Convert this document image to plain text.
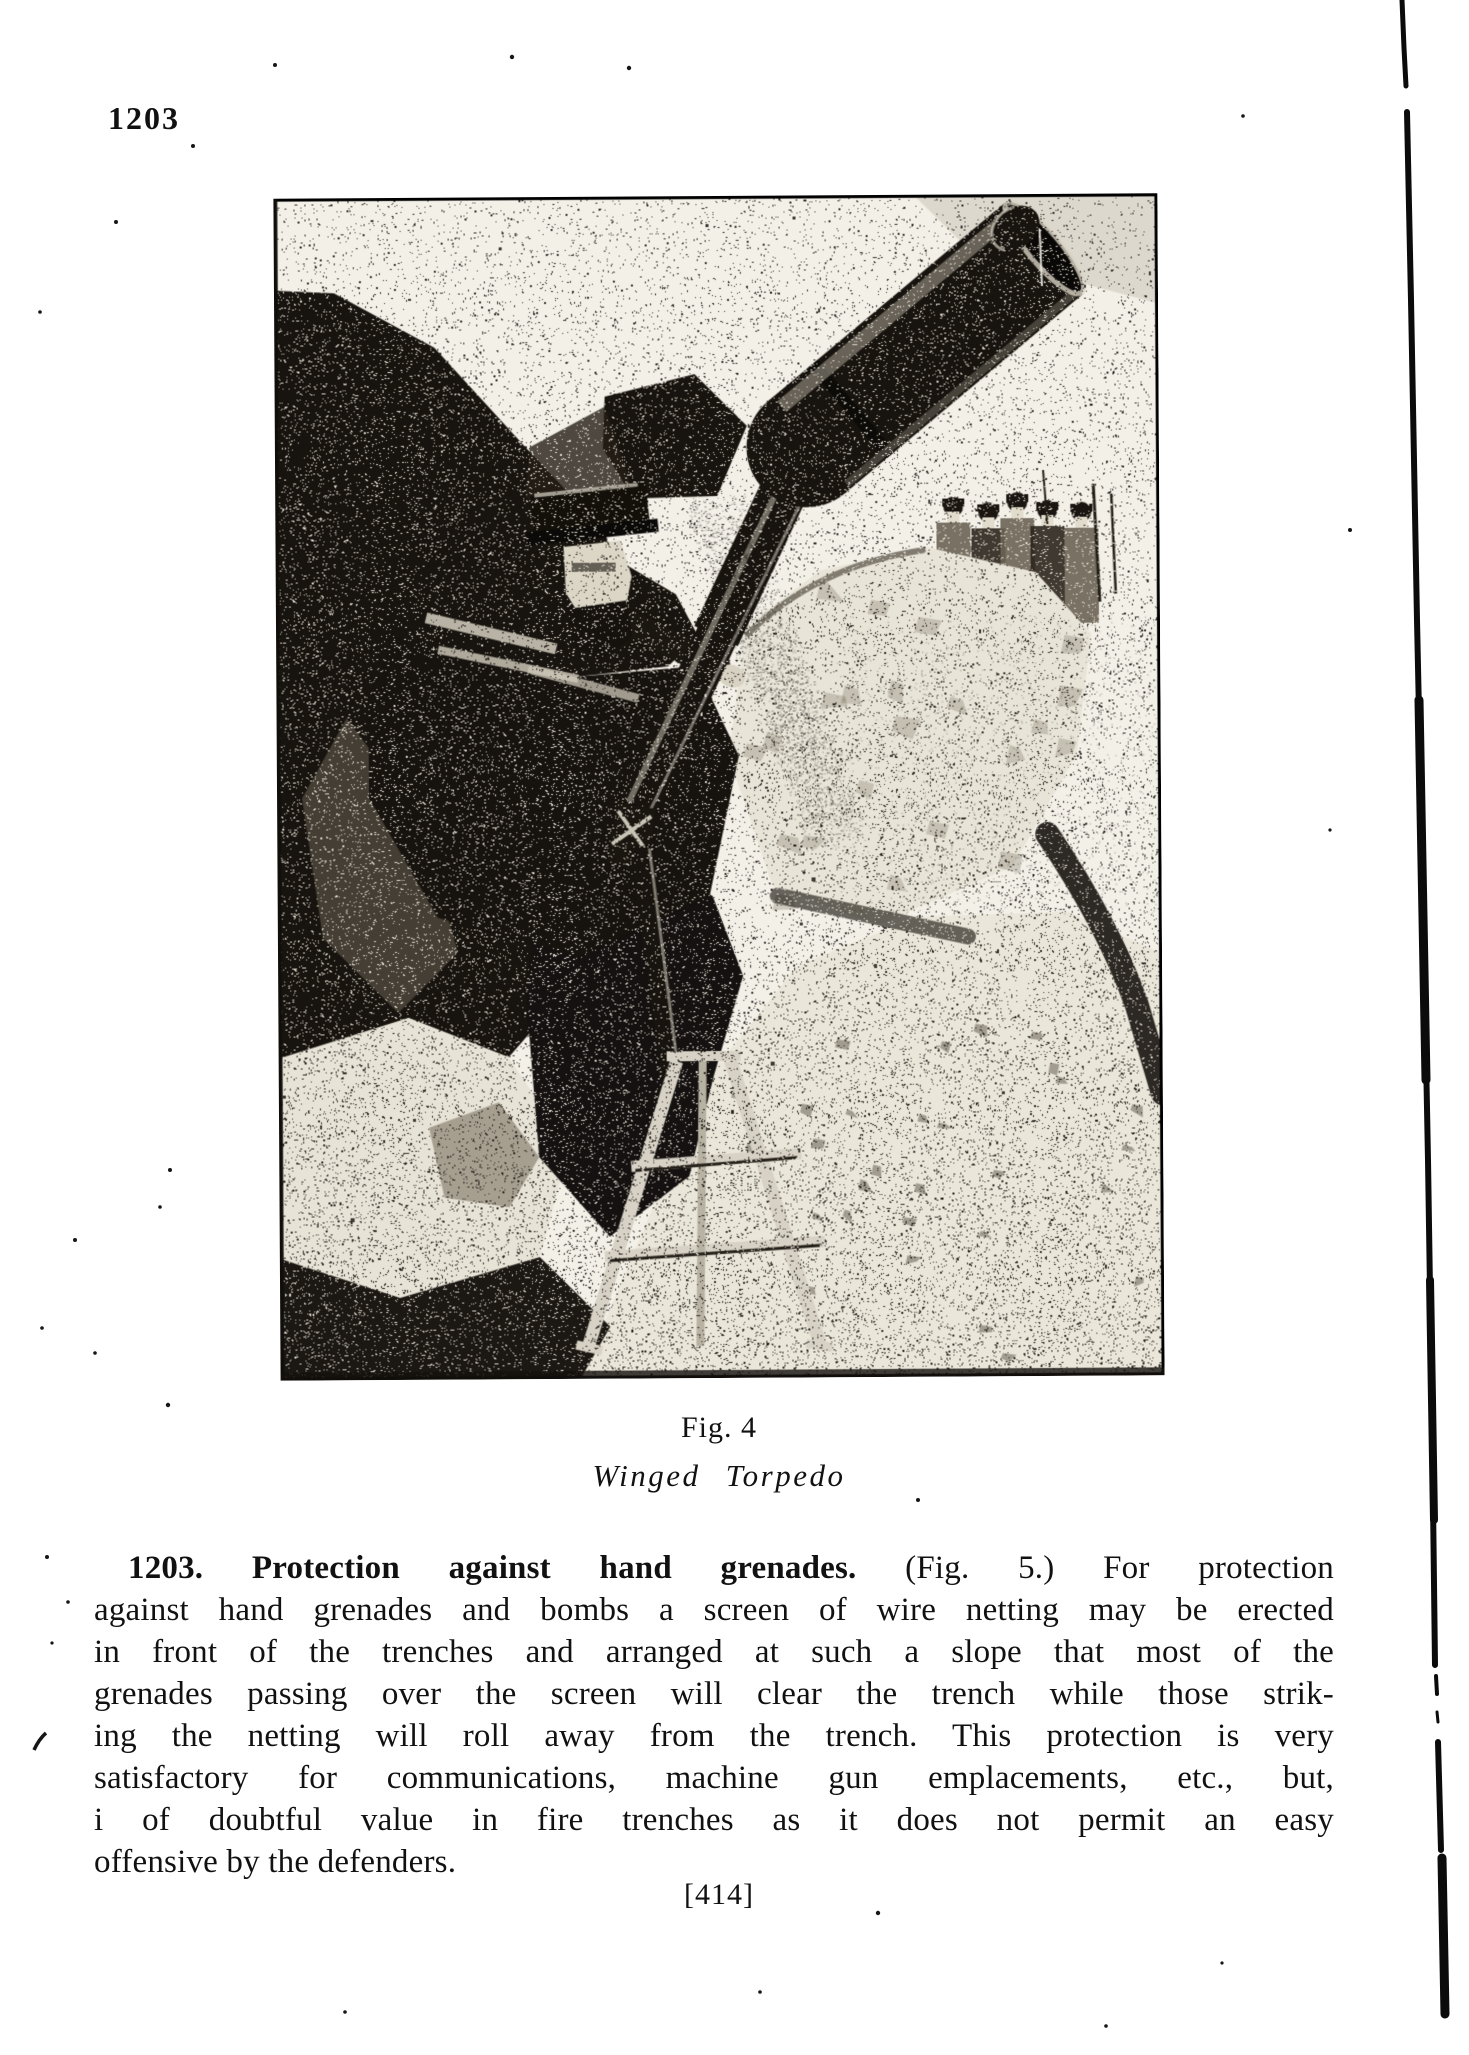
1203
Fig. 4
Winged Torpedo
1203. Protection against hand grenades. (Fig. 5.) For protection
against hand grenades and bombs a screen of wire netting may be erected
in front of the trenches and arranged at such a slope that most of the
grenades passing over the screen will clear the trench while those strik-
ing the netting will roll away from the trench. This protection is very
satisfactory for communications, machine gun emplacements, etc., but,
i of doubtful value in fire trenches as it does not permit an easy
offensive by the defenders.
[414]
